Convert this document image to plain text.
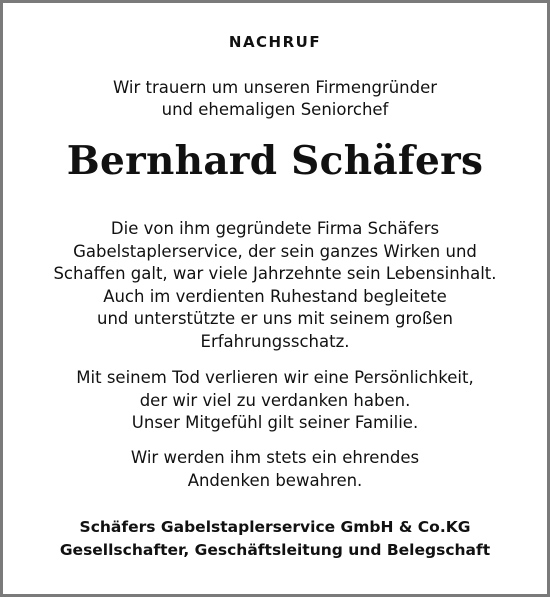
NACHRUF
Wir trauern um unseren Firmengründer
und ehemaligen Seniorchef
Bernhard Schäfers
Die von ihm gegründete Firma Schäfers
Gabelstaplerservice, der sein ganzes Wirken und
Schaffen galt, war viele Jahrzehnte sein Lebensinhalt.
Auch im verdienten Ruhestand begleitete
und unterstützte er uns mit seinem großen
Erfahrungsschatz.
Mit seinem Tod verlieren wir eine Persönlichkeit,
der wir viel zu verdanken haben.
Unser Mitgefühl gilt seiner Familie.
Wir werden ihm stets ein ehrendes
Andenken bewahren.
Schäfers Gabelstaplerservice GmbH & Co.KG
Gesellschafter, Geschäftsleitung und Belegschaft
